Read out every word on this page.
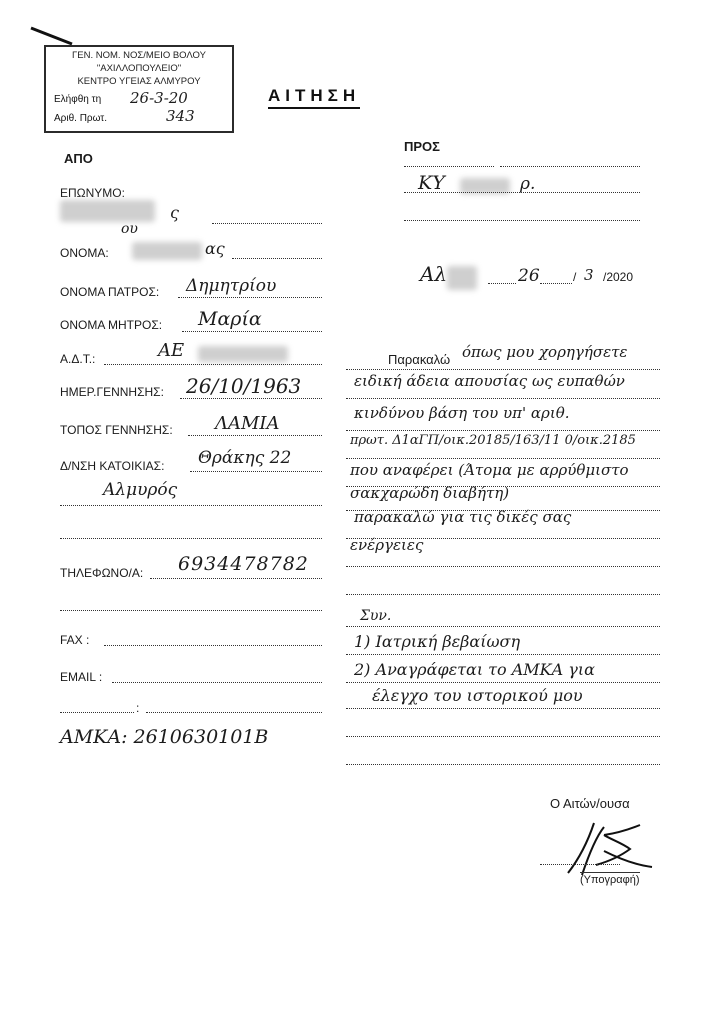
ΓΕΝ. ΝΟΜ. ΝΟΣ/ΜΕΙΟ ΒΟΛΟΥ
"ΑΧΙΛΛΟΠΟΥΛΕΙΟ"
ΚΕΝΤΡΟ ΥΓΕΙΑΣ ΑΛΜΥΡΟΥ
Ελήφθη τη 26-3-20
Αριθ. Πρωτ.	343
ΑΙΤΗΣΗ
ΑΠΟ
ΠΡΟΣ
ΕΠΩΝΥΜΟ:
ς
ου
ΟΝΟΜΑ:	ας
ΟΝΟΜΑ ΠΑΤΡΟΣ: Δημητρίου
ΟΝΟΜΑ ΜΗΤΡΟΣ: Μαρία
Α.Δ.Τ.:	ΑΕ
ΗΜΕΡ.ΓΕΝΝΗΣΗΣ: 26/10/1963
ΤΟΠΟΣ ΓΕΝΝΗΣΗΣ: ΛΑΜΙΑ
Δ/ΝΣΗ ΚΑΤΟΙΚΙΑΣ: Θράκης 22
Αλμυρός
ΤΗΛΕΦΩΝΟ/Α: 6934478782
FAX :
EMAIL :
:
ΑΜΚΑ: 2610630101Β
ΚΥ	ρ.
Αλ	26	/ 3 /2020
Παρακαλώ όπως μου χορηγήσετε
ειδική άδεια απουσίας ως ευπαθών
κινδύνου βάση του υπ' αριθ.
πρωτ. Δ1αΓΠ/οικ.20185/163/11 0/οικ.2185
που αναφέρει (Άτομα με αρρύθμιστο
σακχαρώδη διαβήτη)
παρακαλώ για τις δικές σας
ενέργειες
Συν.
1) Ιατρική βεβαίωση
2) Αναγράφεται το ΑΜΚΑ για
έλεγχο του ιστορικού μου
Ο Αιτών/ουσα
(Υπογραφή)
